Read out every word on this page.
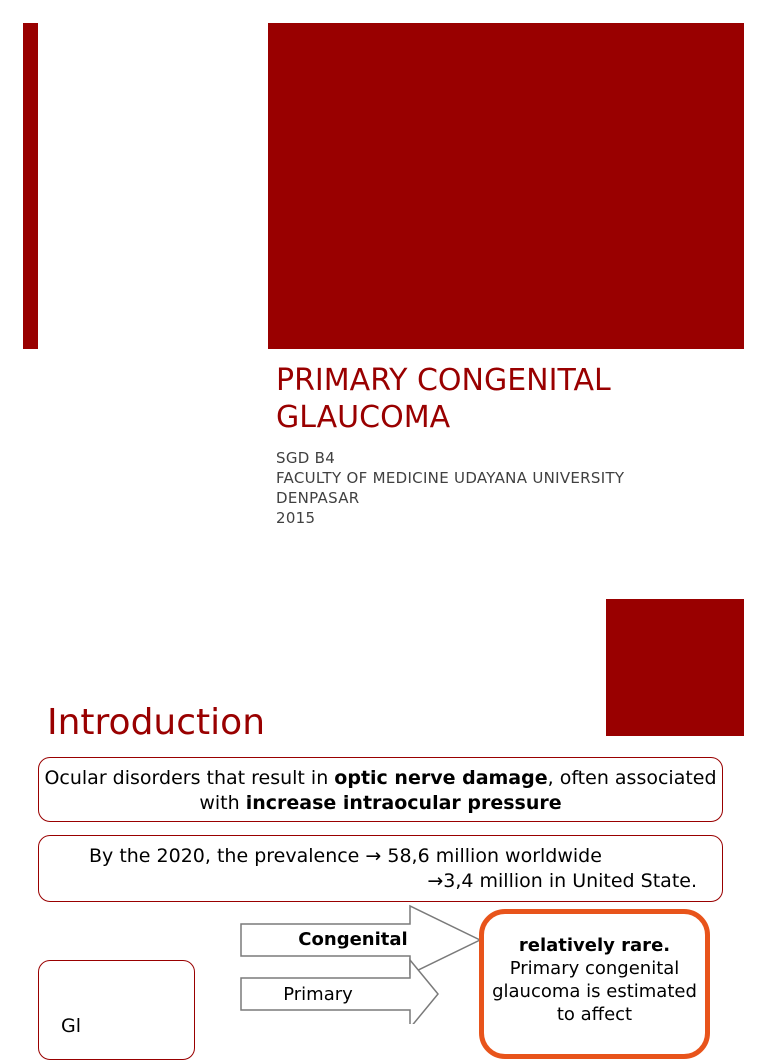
PRIMARY CONGENITAL GLAUCOMA
SGD B4
FACULTY OF MEDICINE UDAYANA UNIVERSITY
DENPASAR
2015
Introduction
Ocular disorders that result in optic nerve damage, often associated with increase intraocular pressure
By the 2020, the prevalence → 58,6 million worldwide
→3,4 million in United State.
Congenital
Primary
relatively rare.
Primary congenital glaucoma is estimated to affect
Gl
